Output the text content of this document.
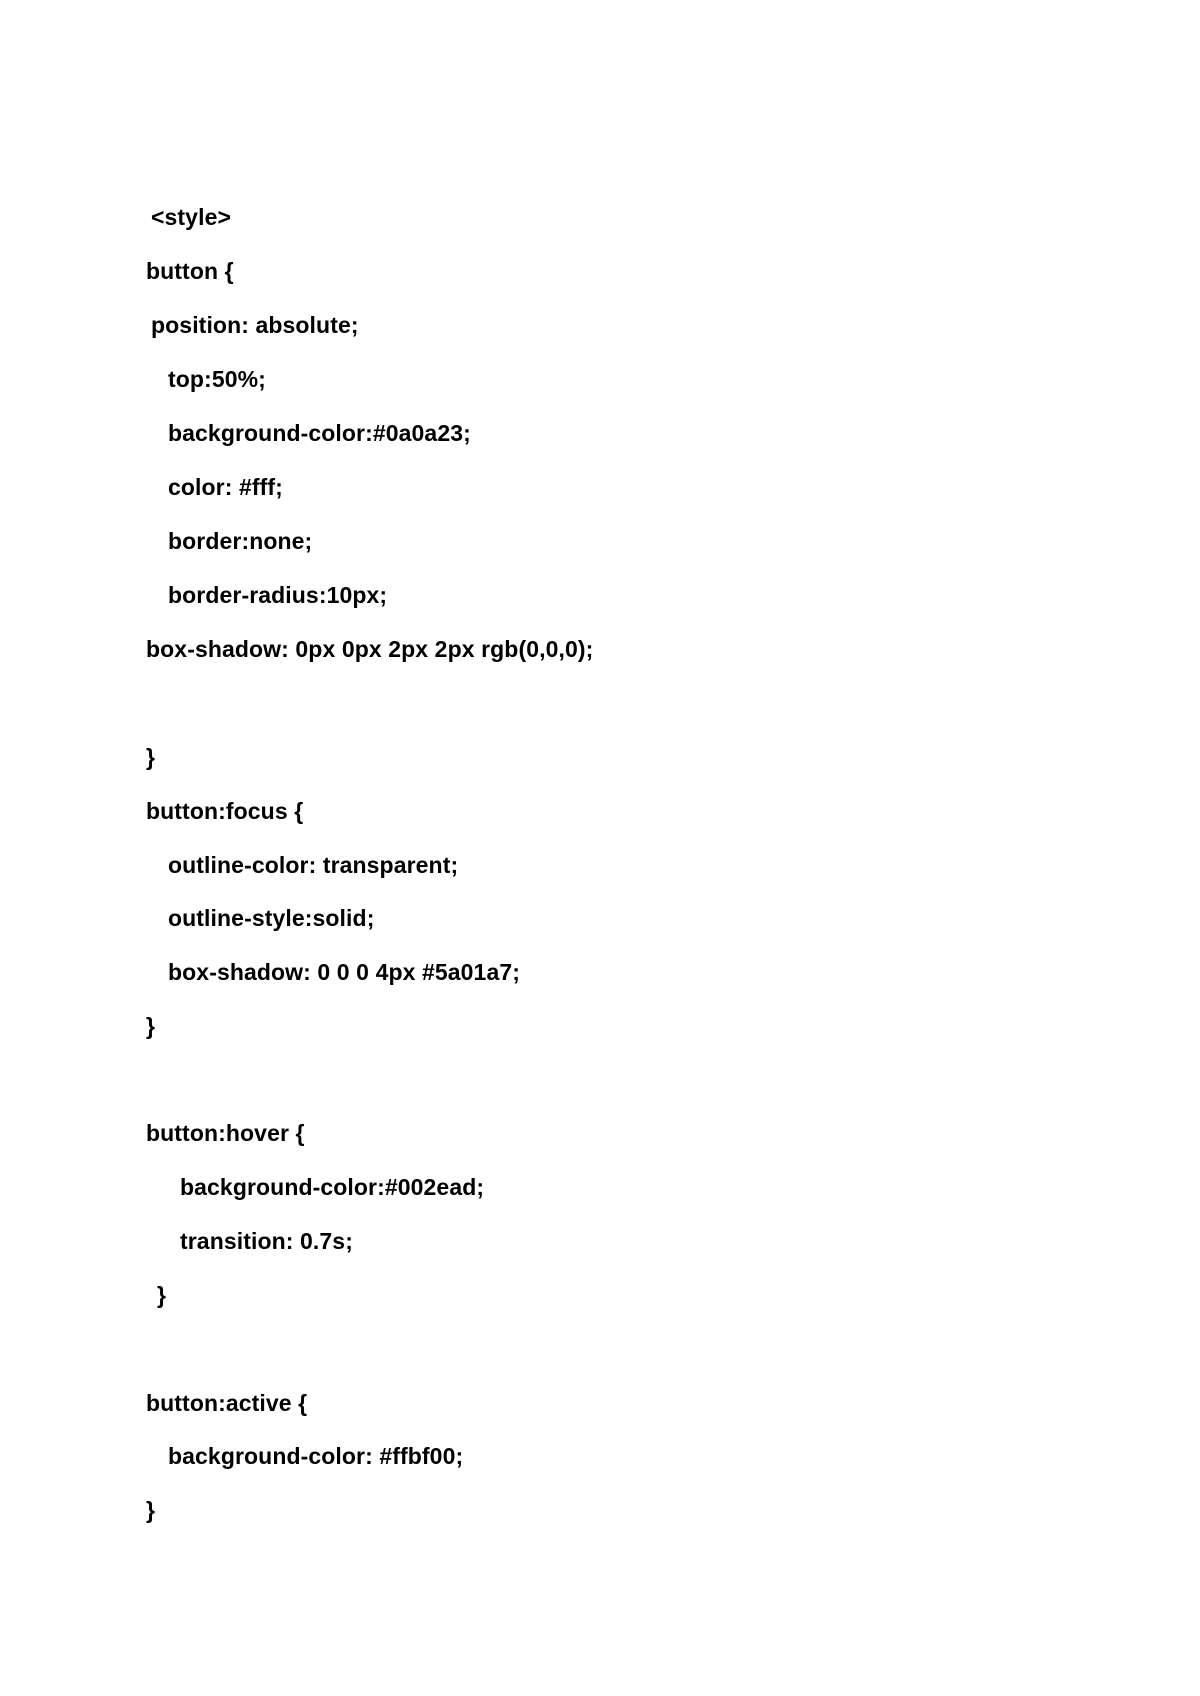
<style>
button {
position: absolute;
top:50%;
background-color:#0a0a23;
color: #fff;
border:none;
border-radius:10px;
box-shadow: 0px 0px 2px 2px rgb(0,0,0);
}
button:focus {
outline-color: transparent;
outline-style:solid;
box-shadow: 0 0 0 4px #5a01a7;
}
button:hover {
background-color:#002ead;
transition: 0.7s;
}
button:active {
background-color: #ffbf00;
}
